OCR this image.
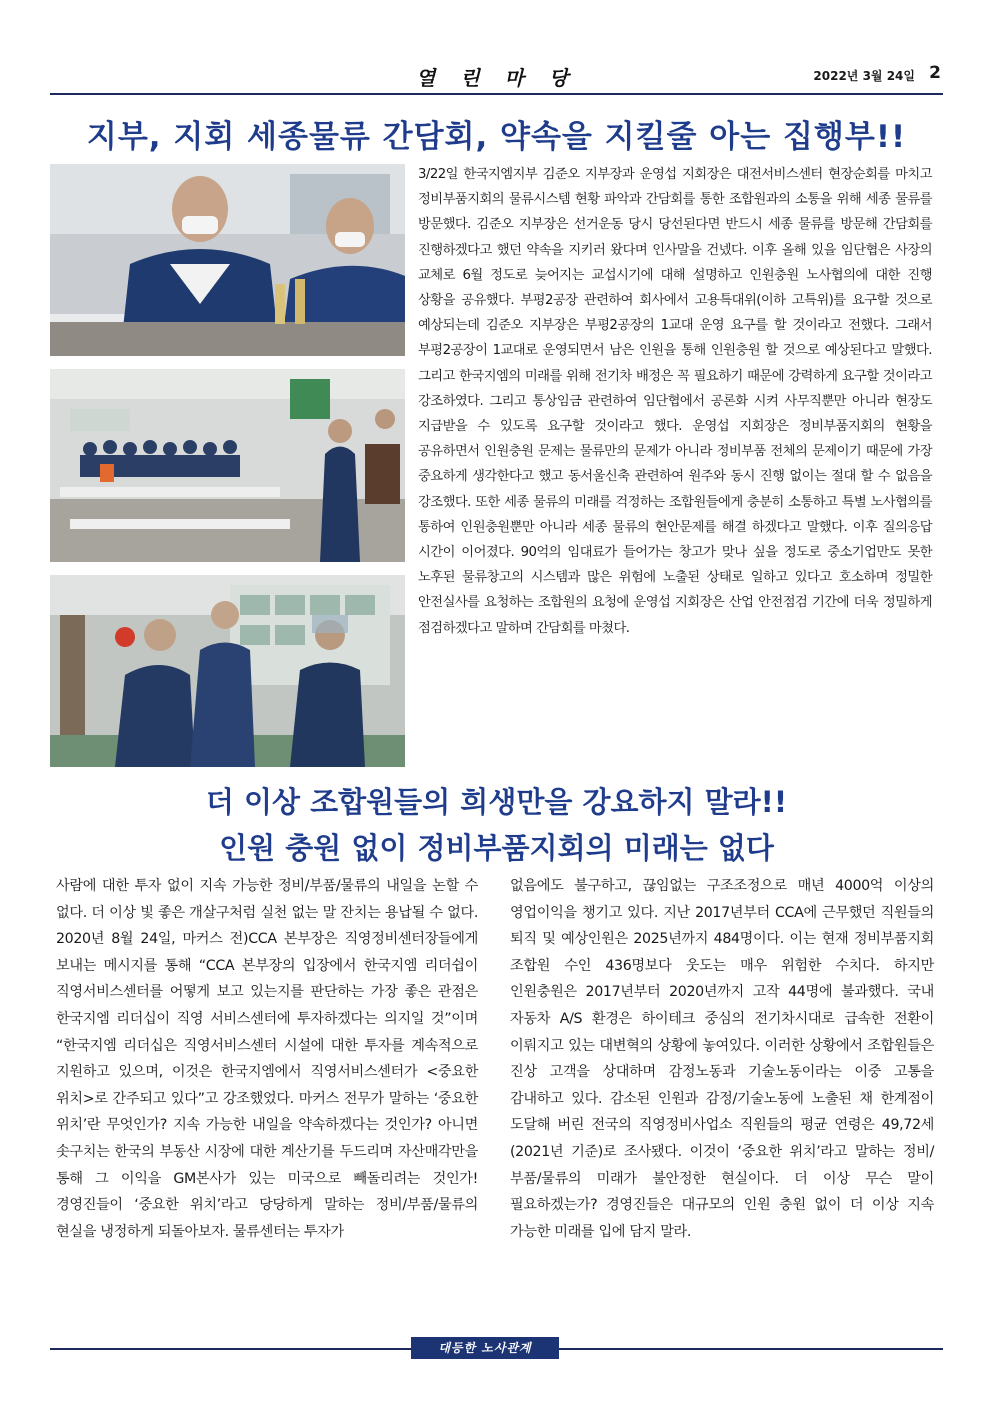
열 린 마 당	2022년 3월 24일 2
지부, 지회 세종물류 간담회, 약속을 지킬줄 아는 집행부!!

3/22일 한국지엠지부 김준오 지부장과 운영섭 지회장은 대전서비스센터 현장순회를 마치고 정비부품지회의 물류시스템 현황 파악과 간담회를 통한 조합원과의 소통을 위해 세종 물류를 방문했다. 김준오 지부장은 선거운동 당시 당선된다면 반드시 세종 물류를 방문해 간담회를 진행하겠다고 했던 약속을 지키러 왔다며 인사말을 건넸다. 이후 올해 있을 임단협은 사장의 교체로 6월 정도로 늦어지는 교섭시기에 대해 설명하고 인원충원 노사협의에 대한 진행 상황을 공유했다. 부평2공장 관련하여 회사에서 고용특대위(이하 고특위)를 요구할 것으로 예상되는데 김준오 지부장은 부평2공장의 1교대 운영 요구를 할 것이라고 전했다. 그래서 부평2공장이 1교대로 운영되면서 남은 인원을 통해 인원충원 할 것으로 예상된다고 말했다. 그리고 한국지엠의 미래를 위해 전기차 배정은 꼭 필요하기 때문에 강력하게 요구할 것이라고 강조하였다. 그리고 통상임금 관련하여 임단협에서 공론화 시켜 사무직뿐만 아니라 현장도 지급받을 수 있도록 요구할 것이라고 했다. 운영섭 지회장은 정비부품지회의 현황을 공유하면서 인원충원 문제는 물류만의 문제가 아니라 정비부품 전체의 문제이기 때문에 가장 중요하게 생각한다고 했고 동서울신축 관련하여 원주와 동시 진행 없이는 절대 할 수 없음을 강조했다. 또한 세종 물류의 미래를 걱정하는 조합원들에게 충분히 소통하고 특별 노사협의를 통하여 인원충원뿐만 아니라 세종 물류의 현안문제를 해결 하겠다고 말했다. 이후 질의응답 시간이 이어졌다. 90억의 임대료가 들어가는 창고가 맞나 싶을 정도로 중소기업만도 못한 노후된 물류창고의 시스템과 많은 위험에 노출된 상태로 일하고 있다고 호소하며 정밀한 안전실사를 요청하는 조합원의 요청에 운영섭 지회장은 산업 안전점검 기간에 더욱 정밀하게 점검하겠다고 말하며 간담회를 마쳤다.

더 이상 조합원들의 희생만을 강요하지 말라!!
인원 충원 없이 정비부품지회의 미래는 없다

사람에 대한 투자 없이 지속 가능한 정비/부품/물류의 내일을 논할 수 없다. 더 이상 빛 좋은 개살구처럼 실천 없는 말 잔치는 용납될 수 없다. 2020년 8월 24일, 마커스 전)CCA 본부장은 직영정비센터장들에게 보내는 메시지를 통해 “CCA 본부장의 입장에서 한국지엠 리더쉽이 직영서비스센터를 어떻게 보고 있는지를 판단하는 가장 좋은 관점은 한국지엠 리더십이 직영 서비스센터에 투자하겠다는 의지일 것”이며 “한국지엠 리더십은 직영서비스센터 시설에 대한 투자를 계속적으로 지원하고 있으며, 이것은 한국지엠에서 직영서비스센터가 <중요한 위치>로 간주되고 있다”고 강조했었다. 마커스 전무가 말하는 ‘중요한 위치’란 무엇인가? 지속 가능한 내일을 약속하겠다는 것인가? 아니면 솟구치는 한국의 부동산 시장에 대한 계산기를 두드리며 자산매각만을 통해 그 이익을 GM본사가 있는 미국으로 빼돌리려는 것인가! 경영진들이 ‘중요한 위치’라고 당당하게 말하는 정비/부품/물류의 현실을 냉정하게 되돌아보자. 물류센터는 투자가

없음에도 불구하고, 끊임없는 구조조정으로 매년 4000억 이상의 영업이익을 챙기고 있다. 지난 2017년부터 CCA에 근무했던 직원들의 퇴직 및 예상인원은 2025년까지 484명이다. 이는 현재 정비부품지회 조합원 수인 436명보다 웃도는 매우 위험한 수치다. 하지만 인원충원은 2017년부터 2020년까지 고작 44명에 불과했다. 국내 자동차 A/S 환경은 하이테크 중심의 전기차시대로 급속한 전환이 이뤄지고 있는 대변혁의 상황에 놓여있다. 이러한 상황에서 조합원들은 진상 고객을 상대하며 감정노동과 기술노동이라는 이중 고통을 감내하고 있다. 감소된 인원과 감정/기술노동에 노출된 채 한계점이 도달해 버린 전국의 직영정비사업소 직원들의 평균 연령은 49,72세(2021년 기준)로 조사됐다. 이것이 ‘중요한 위치’라고 말하는 정비/부품/물류의 미래가 불안정한 현실이다. 더 이상 무슨 말이 필요하겠는가? 경영진들은 대규모의 인원 충원 없이 더 이상 지속 가능한 미래를 입에 담지 말라.

대등한 노사관계
